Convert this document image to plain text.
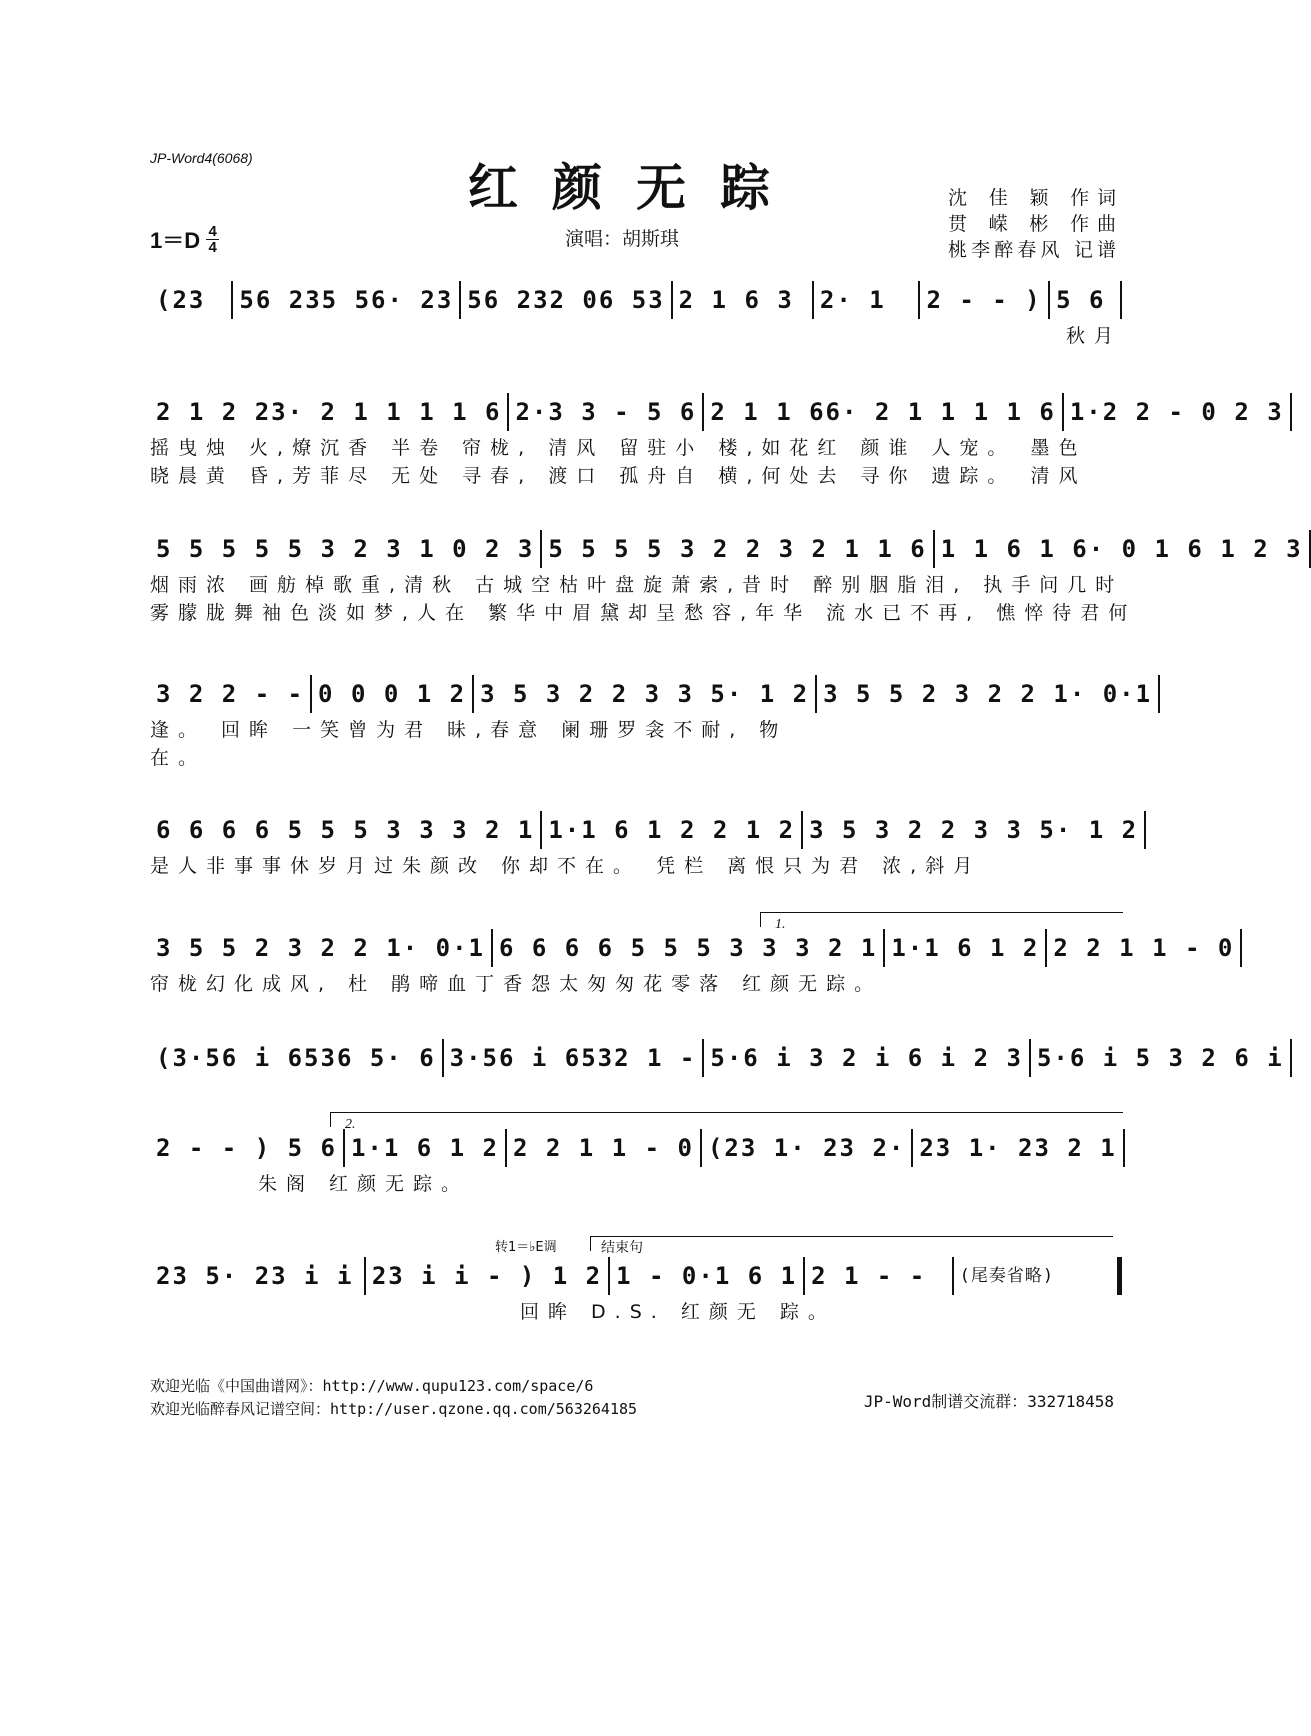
JP-Word4(6068)	红颜无踪	沈 佳 颖 作词
贯 嵘 彬 作曲
桃李醉春风 记谱
演唱：胡斯琪
1＝D 4
4
(23	56 235 56· 23 56 232 06 53 2 1 6 3	2· 1	2 - - ) 5 6
秋月
2 1 2 23· 2 1 1 1 1 6 2·3 3 - 5 6 2 1 1 66· 2 1 1 1 1 6 1·2 2 - 0 2 3
摇曳烛 火,燎沉香 半卷 帘栊, 清风 留驻小 楼,如花红 颜谁 人宠。 墨色
晓晨黄 昏,芳菲尽 无处 寻春, 渡口 孤舟自 横,何处去 寻你 遗踪。 清风
5 5 5 5 5 3 2 3 1 0 2 3 5 5 5 5 3 2 2 3 2 1 1 6 1 1 6 1 6· 0 1 6 1 2 3
烟雨浓 画舫棹歌重,清秋 古城空枯叶盘旋萧索,昔时 醉别胭脂泪, 执手问几时
雾朦胧舞袖色淡如梦,人在 繁华中眉黛却呈愁容,年华 流水已不再, 憔悴待君何
3 2 2 - - 0 0 0 1 2 3 5 3 2 2 3 3 5· 1 2 3 5 5 2 3 2 2 1· 0·1
逢。 回眸 一笑曾为君 昧,春意 阑珊罗衾不耐, 物
在。
6 6 6 6 5 5 5 3 3 3 2 1 1·1 6 1 2 2 1 2 3 5 3 2 2 3 3 5· 1 2
是人非事事休岁月过朱颜改 你却不在。 凭栏 离恨只为君 浓,斜月
1.
3 5 5 2 3 2 2 1· 0·1 6 6 6 6 5 5 5 3 3 3 2 1 1·1 6 1 2 2 2 1 1 - 0
帘栊幻化成风, 杜 鹃啼血丁香怨太匆匆花零落 红颜无踪。
(3·56 i 6536 5· 6 3·56 i 6532 1 - 5·6 i 3 2 i 6 i 2 3 5·6 i 5 3 2 6 i
2.
2 - - ) 5 6 1·1 6 1 2 2 2 1 1 - 0 (23 1· 23 2· 23 1· 23 2 1
朱阁 红颜无踪。
转1＝♭E调	结束句
23 5· 23 i i 23 i i - ) 1 2 1 - 0·1 6 1 2 1 - -	(尾奏省略)
回眸 D.S. 红颜无 踪。
欢迎光临《中国曲谱网》：http://www.qupu123.com/space/6
欢迎光临醉春风记谱空间：http://user.qzone.qq.com/563264185	JP-Word制谱交流群：332718458
